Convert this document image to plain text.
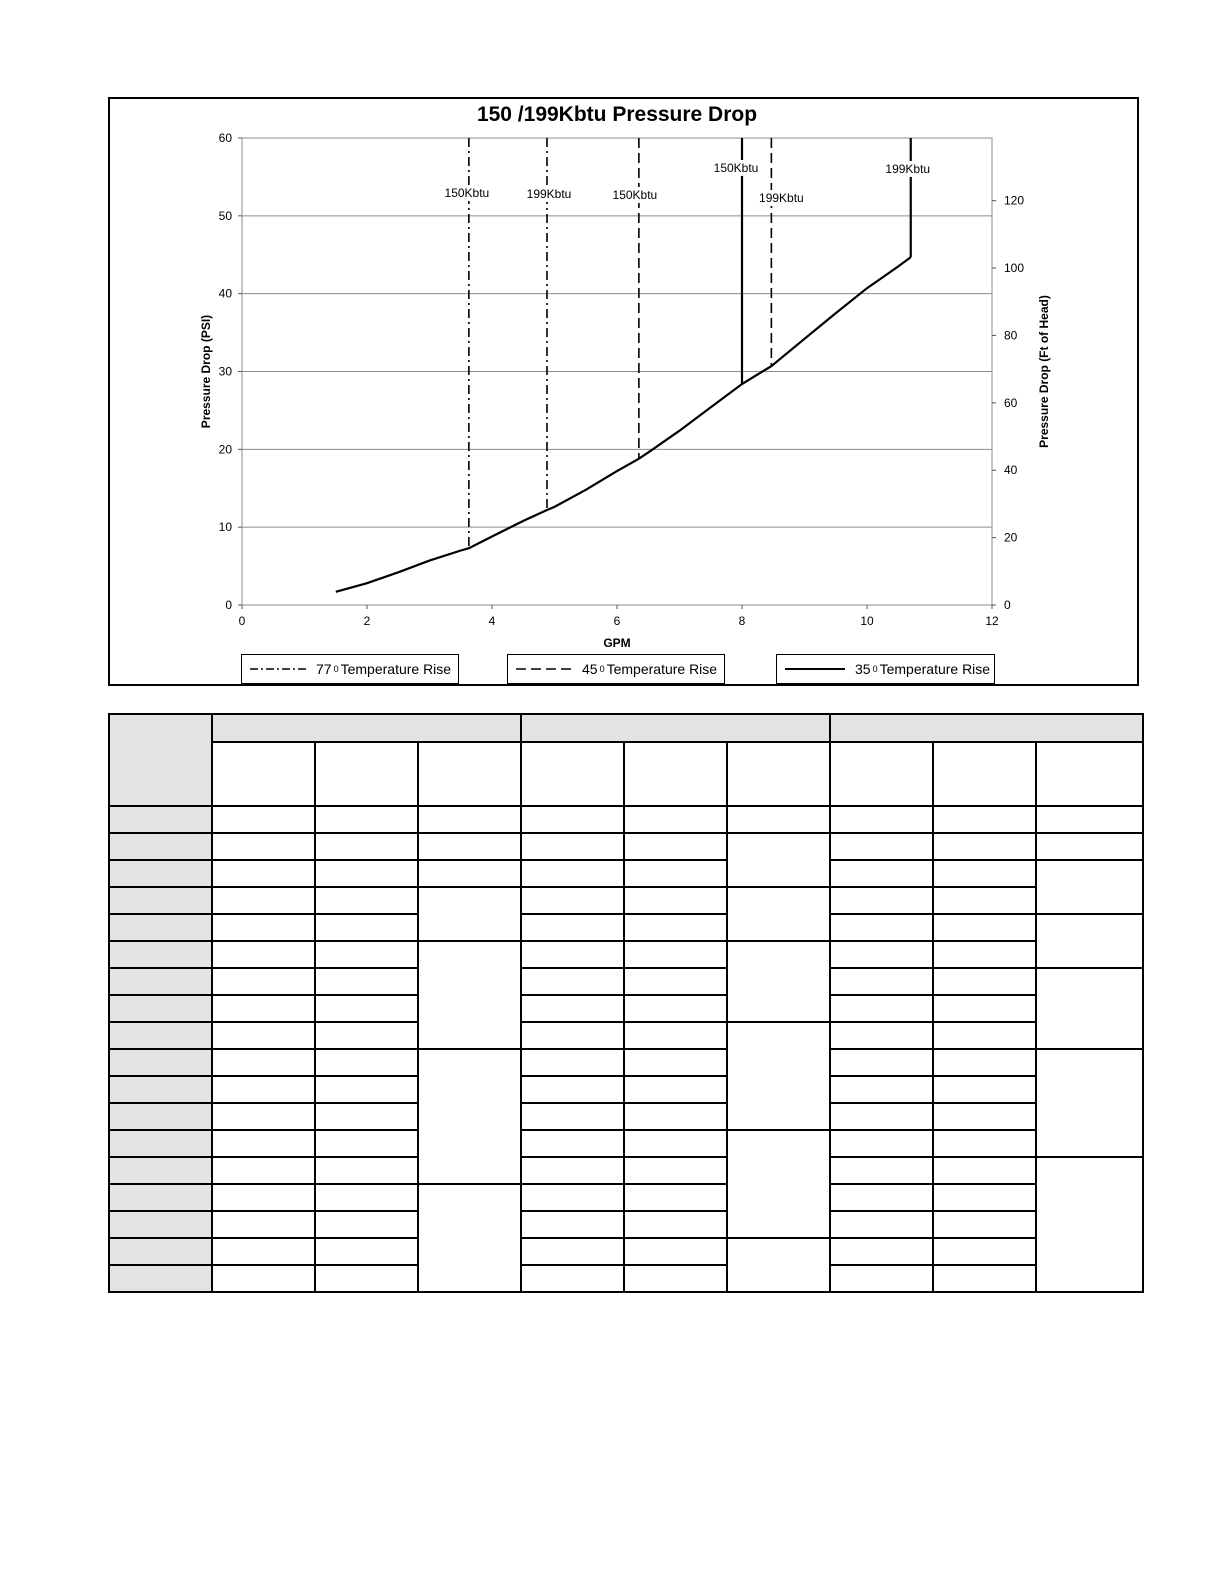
150 /199Kbtu Pressure Drop
0
10
20
30
40
50
60
0	2	4	6	8	10	12
0
20
40
60
80
100
120
GPM
Pressure Drop (PSI)	Pressure Drop (Ft of Head)
150Kbtu	199Kbtu	150Kbtu	199Kbtu
150Kbtu	199Kbtu
77 0 Temperature Rise	45 0 Temperature Rise	35 0 Temperature Rise
